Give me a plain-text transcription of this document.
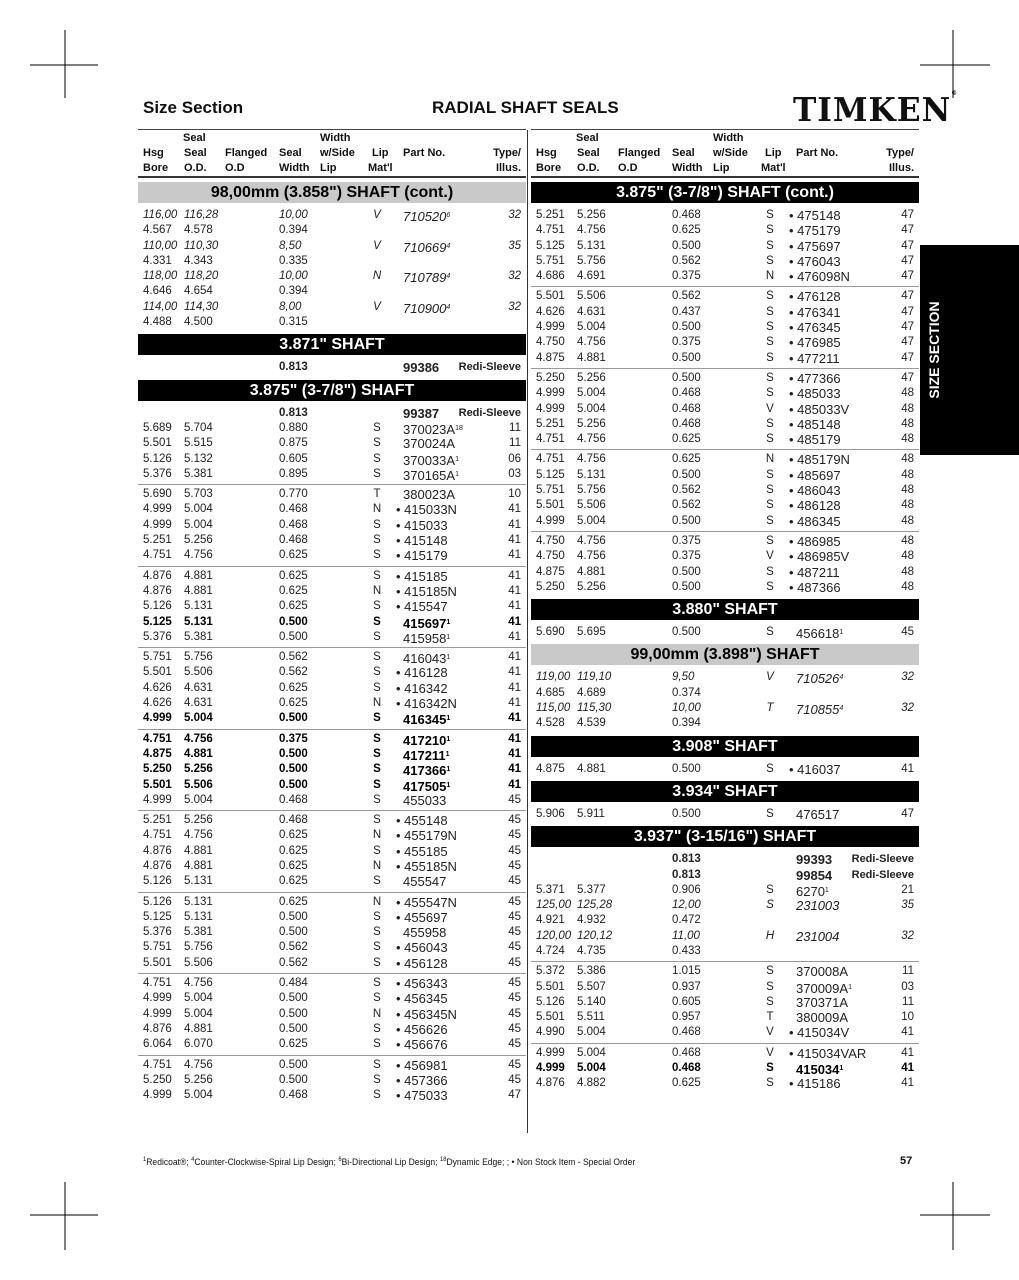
Size Section	RADIAL SHAFT SEALS	TIMKEN®
SIZE SECTION
Seal	Width
Hsg Seal Flanged Seal w/Side Lip Part No.	Type/
Bore O.D. O.D	Width Lip	Mat'l	Illus.
98,00mm (3.858") SHAFT (cont.)
116,00 116,28	10,00	V	710520$^6$	32
4.567 4.578	0.394
110,00 110,30	8,50	V	710669$^4$	35
4.331 4.343	0.335
118,00 118,20	10,00	N	710789$^4$	32
4.646 4.654	0.394
114,00 114,30	8,00	V	710900$^4$	32
4.488 4.500	0.315
3.871" SHAFT
0.813	99386 Redi-Sleeve
3.875" (3-7/8") SHAFT
0.813	99387 Redi-Sleeve
5.689 5.704	0.880	S	$370023A^{18}$	11
5.501 5.515	0.875	S	370024A	11
5.126 5.132	0.605	S	$370033A^1$	06
5.376 5.381	0.895	S	$370165A^1$	03
5.690 5.703	0.770	T	380023A	10
4.999 5.004	0.468	N • 415033N	41
4.999 5.004	0.468	S • 415033	41
5.251 5.256	0.468	S • 415148	41
4.751 4.756	0.625	S • 415179	41
4.876 4.881	0.625	S • 415185	41
4.876 4.881	0.625	N • 415185N	41
5.126 5.131	0.625	S • 415547	41
5.125 5.131	0.500	S	415697$^1$	41
5.376 5.381	0.500	S	415958$^1$	41
5.751 5.756	0.562	S	416043$^1$	41
5.501 5.506	0.562	S • 416128	41
4.626 4.631	0.625	S • 416342	41
4.626 4.631	0.625	N • 416342N	41
4.999 5.004	0.500	S	416345$^1$	41
4.751 4.756	0.375	S	417210$^1$	41
4.875 4.881	0.500	S	417211$^1$	41
5.250 5.256	0.500	S	417366$^1$	41
5.501 5.506	0.500	S	417505$^1$	41
4.999 5.004	0.468	S	455033	45
5.251 5.256	0.468	S • 455148	45
4.751 4.756	0.625	N • 455179N	45
4.876 4.881	0.625	S • 455185	45
4.876 4.881	0.625	N • 455185N	45
5.126 5.131	0.625	S	455547	45
5.126 5.131	0.625	N • 455547N	45
5.125 5.131	0.500	S • 455697	45
5.376 5.381	0.500	S	455958	45
5.751 5.756	0.562	S • 456043	45
5.501 5.506	0.562	S • 456128	45
4.751 4.756	0.484	S • 456343	45
4.999 5.004	0.500	S • 456345	45
4.999 5.004	0.500	N • 456345N	45
4.876 4.881	0.500	S • 456626	45
6.064 6.070	0.625	S • 456676	45
4.751 4.756	0.500	S • 456981	45
5.250 5.256	0.500	S • 457366	45
4.999 5.004	0.468	S • 475033	47
Seal	Width
Hsg Seal Flanged Seal w/Side Lip Part No.	Type/
Bore O.D. O.D	Width Lip	Mat'l	Illus.
3.875" (3-7/8") SHAFT (cont.)
5.251 5.256	0.468	S • 475148	47
4.751 4.756	0.625	S • 475179	47
5.125 5.131	0.500	S • 475697	47
5.751 5.756	0.562	S • 476043	47
4.686 4.691	0.375	N • 476098N	47
5.501 5.506	0.562	S • 476128	47
4.626 4.631	0.437	S • 476341	47
4.999 5.004	0.500	S • 476345	47
4.750 4.756	0.375	S • 476985	47
4.875 4.881	0.500	S • 477211	47
5.250 5.256	0.500	S • 477366	47
4.999 5.004	0.468	S • 485033	48
4.999 5.004	0.468	V • 485033V	48
5.251 5.256	0.468	S • 485148	48
4.751 4.756	0.625	S • 485179	48
4.751 4.756	0.625	N • 485179N	48
5.125 5.131	0.500	S • 485697	48
5.751 5.756	0.562	S • 486043	48
5.501 5.506	0.562	S • 486128	48
4.999 5.004	0.500	S • 486345	48
4.750 4.756	0.375	S • 486985	48
4.750 4.756	0.375	V • 486985V	48
4.875 4.881	0.500	S • 487211	48
5.250 5.256	0.500	S • 487366	48
3.880" SHAFT
5.690 5.695	0.500	S	456618$^1$	45
99,00mm (3.898") SHAFT
119,00 119,10	9,50	V	710526$^4$	32
4.685 4.689	0.374
115,00 115,30	10,00	T	710855$^4$	32
4.528 4.539	0.394
3.908" SHAFT
4.875 4.881	0.500	S • 416037	41
3.934" SHAFT
5.906 5.911	0.500	S	476517	47
3.937" (3-15/16") SHAFT
0.813	99393 Redi-Sleeve
0.813	99854 Redi-Sleeve
5.371 5.377	0.906	S	6270$^1$	21
125,00 125,28	12,00	S	231003	35
4.921 4.932	0.472
120,00 120,12	11,00	H	231004	32
4.724 4.735	0.433
5.372 5.386	1.015	S	370008A	11
5.501 5.507	0.937	S	$370009A^1$	03
5.126 5.140	0.605	S	370371A	11
5.501 5.511	0.957	T	380009A	10
4.990 5.004	0.468	V • 415034V	41
4.999 5.004	0.468	V • 415034VAR	41
4.999 5.004	0.468	S	415034$^1$	41
4.876 4.882	0.625	S • 415186	41
$^1$Redicoat®; $^4$Counter-Clockwise-Spiral Lip Design; $^6$Bi-Directional Lip Design; $^{18}$Dynamic Edge; ; • Non Stock Item - Special Order	57
